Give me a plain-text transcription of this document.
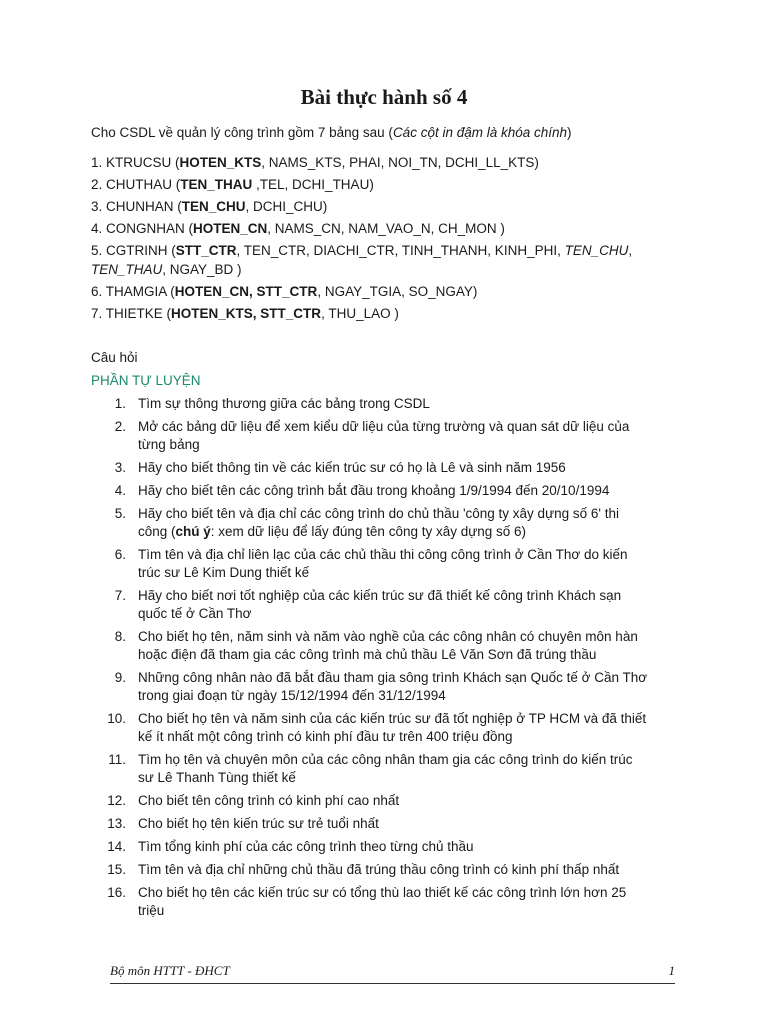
Bài thực hành số 4

Cho CSDL về quản lý công trình gồm 7 bảng sau (Các cột in đậm là khóa chính)

1. KTRUCSU (HOTEN_KTS, NAMS_KTS, PHAI, NOI_TN, DCHI_LL_KTS)
2. CHUTHAU (TEN_THAU ,TEL, DCHI_THAU)
3. CHUNHAN (TEN_CHU, DCHI_CHU)
4. CONGNHAN (HOTEN_CN, NAMS_CN, NAM_VAO_N, CH_MON )
5. CGTRINH (STT_CTR, TEN_CTR, DIACHI_CTR, TINH_THANH, KINH_PHI, TEN_CHU,
TEN_THAU, NGAY_BD )
6. THAMGIA (HOTEN_CN, STT_CTR, NGAY_TGIA, SO_NGAY)
7. THIETKE (HOTEN_KTS, STT_CTR, THU_LAO )

Câu hỏi

PHẦN TỰ LUYỆN

1. Tìm sự thông thương giữa các bảng trong CSDL
2. Mở các bảng dữ liệu để xem kiểu dữ liệu của từng trường và quan sát dữ liệu của
từng bảng
3. Hãy cho biết thông tin về các kiến trúc sư có họ là Lê và sinh năm 1956
4. Hãy cho biết tên các công trình bắt đầu trong khoảng 1/9/1994 đến 20/10/1994
5. Hãy cho biết tên và địa chỉ các công trình do chủ thầu 'công ty xây dựng số 6' thi
công (chú ý: xem dữ liệu để lấy đúng tên công ty xây dựng số 6)
6. Tìm tên và địa chỉ liên lạc của các chủ thầu thi công công trình ở Cần Thơ do kiến
trúc sư Lê Kim Dung thiết kế
7. Hãy cho biết nơi tốt nghiệp của các kiến trúc sư đã thiết kế công trình Khách sạn
quốc tế ở Cần Thơ
8. Cho biết họ tên, năm sinh và năm vào nghề của các công nhân có chuyên môn hàn
hoặc điện đã tham gia các công trình mà chủ thầu Lê Văn Sơn đã trúng thầu
9. Những công nhân nào đã bắt đầu tham gia sông trình Khách sạn Quốc tế ở Cần Thơ
trong giai đoạn từ ngày 15/12/1994 đến 31/12/1994
10. Cho biết họ tên và năm sinh của các kiến trúc sư đã tốt nghiệp ở TP HCM và đã thiết
kế ít nhất một công trình có kinh phí đầu tư trên 400 triệu đồng
11. Tìm họ tên và chuyên môn của các công nhân tham gia các công trình do kiến trúc
sư Lê Thanh Tùng thiết kế
12. Cho biết tên công trình có kinh phí cao nhất
13. Cho biết họ tên kiến trúc sư trẻ tuổi nhất
14. Tìm tổng kinh phí của các công trình theo từng chủ thầu
15. Tìm tên và địa chỉ những chủ thầu đã trúng thầu công trình có kinh phí thấp nhất
16. Cho biết họ tên các kiến trúc sư có tổng thù lao thiết kế các công trình lớn hơn 25
triệu
Bộ môn HTTT - ĐHCT	1
